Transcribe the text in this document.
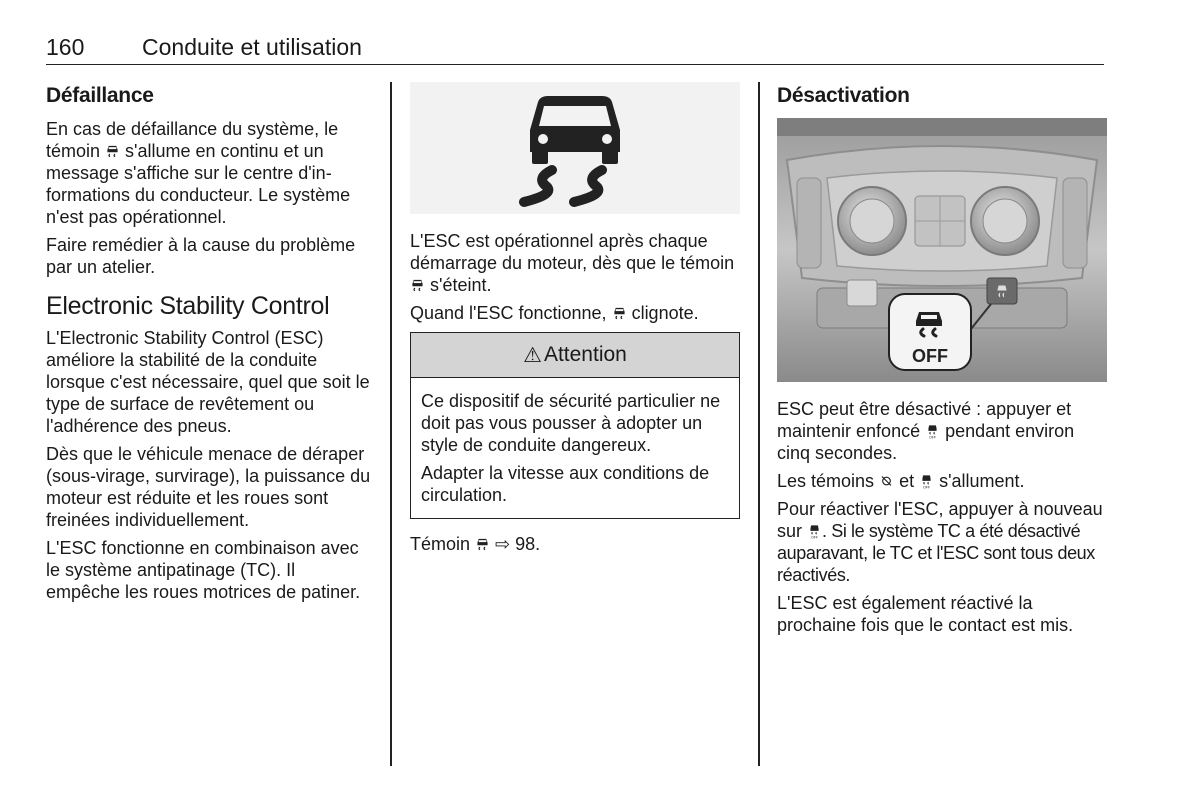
160	Conduite et utilisation
Défaillance

En cas de défaillance du système, le témoin
s'allume en continu et un message s'affiche sur le centre d'informations du conducteur. Le système n'est pas opérationnel.

Faire remédier à la cause du problème par un atelier.

Electronic Stability Control

L'Electronic Stability Control (ESC) améliore la stabilité de la conduite lorsque c'est nécessaire, quel que soit le type de surface de revêtement ou l'adhérence des pneus.

Dès que le véhicule menace de déraper (sous-virage, survirage), la puissance du moteur est réduite et les roues sont freinées individuellement.

L'ESC fonctionne en combinaison avec le système antipatinage (TC). Il empêche les roues motrices de patiner.

L'ESC est opérationnel après chaque démarrage du moteur, dès que le témoin
s'éteint.

Quand l'ESC fonctionne,
clignote.

⚠ Attention

Ce dispositif de sécurité particulier ne doit pas vous pousser à adopter un style de conduite dangereux.

Adapter la vitesse aux conditions de circulation.

Témoin
⇨ 98.

Désactivation
OFF

ESC peut être désactivé : appuyer et maintenir enfoncé OFF pendant environ cinq secondes.

Les témoins
et OFF s'allument.

Pour réactiver l'ESC, appuyer à nouveau sur OFF . Si le système TC a été désactivé auparavant, le TC et l'ESC sont tous deux réactivés.

L'ESC est également réactivé la prochaine fois que le contact est mis.
